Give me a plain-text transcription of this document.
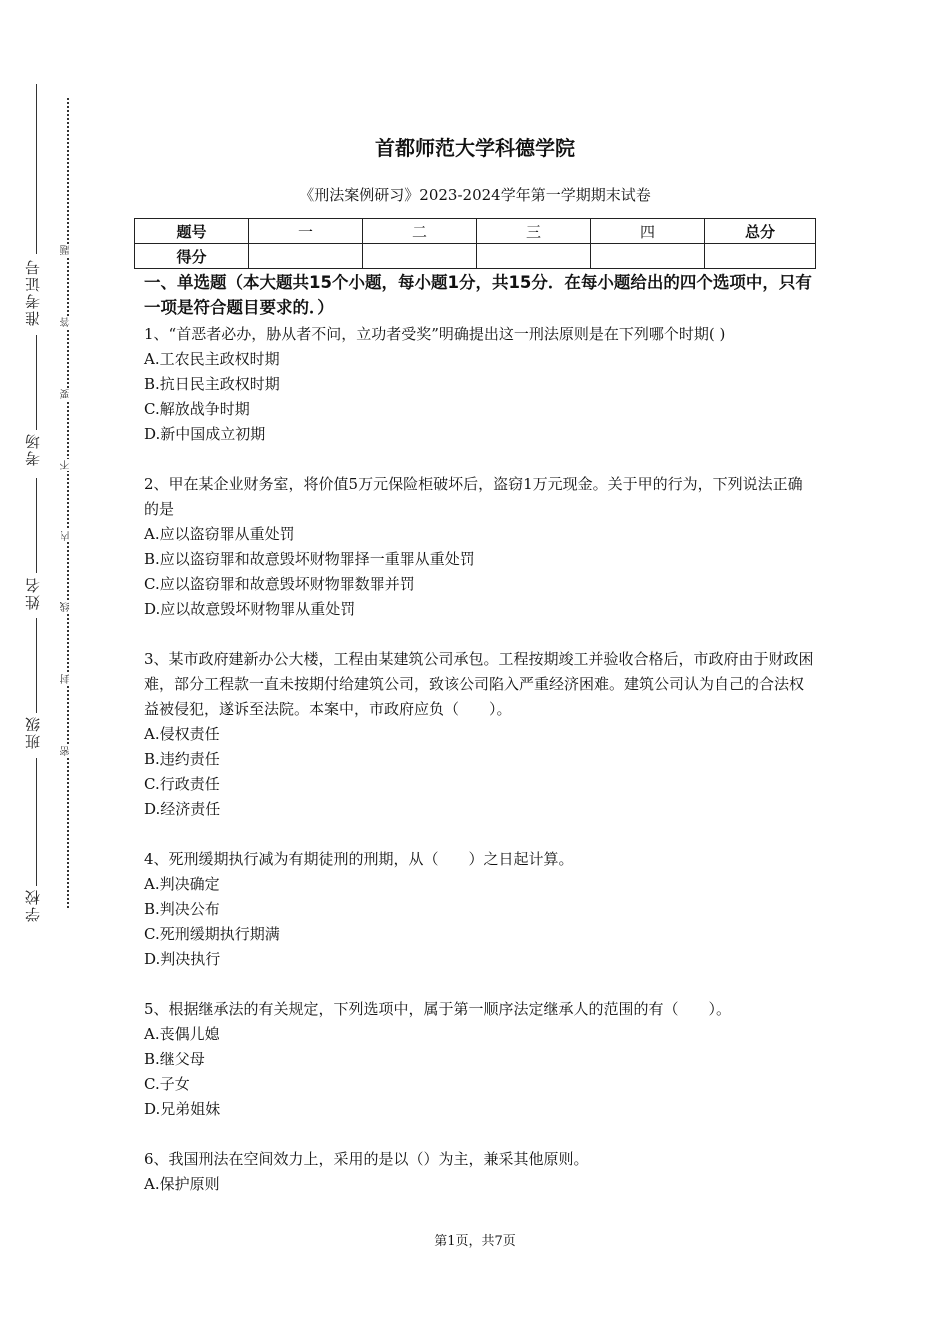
准考证号
考场
姓名
班级
学校
题
答
要
不
内
线
封
密
首都师范大学科德学院
《刑法案例研习》2023-2024学年第一学期期末试卷
题号	一	二	三	四	总分
得分					
一、单选题（本大题共15个小题，每小题1分，共15分．在每小题给出的四个选项中，只有一项是符合题目要求的．）

1、“首恶者必办，胁从者不问，立功者受奖”明确提出这一刑法原则是在下列哪个时期( )

A.工农民主政权时期

B.抗日民主政权时期

C.解放战争时期

D.新中国成立初期

2、甲在某企业财务室，将价值5万元保险柜破坏后，盗窃1万元现金。关于甲的行为，下列说法正确的是

A.应以盗窃罪从重处罚

B.应以盗窃罪和故意毁坏财物罪择一重罪从重处罚

C.应以盗窃罪和故意毁坏财物罪数罪并罚

D.应以故意毁坏财物罪从重处罚

3、某市政府建新办公大楼，工程由某建筑公司承包。工程按期竣工并验收合格后，市政府由于财政困难，部分工程款一直未按期付给建筑公司，致该公司陷入严重经济困难。建筑公司认为自己的合法权益被侵犯，遂诉至法院。本案中，市政府应负（　　）。

A.侵权责任

B.违约责任

C.行政责任

D.经济责任

4、死刑缓期执行减为有期徒刑的刑期，从（　　）之日起计算。

A.判决确定

B.判决公布

C.死刑缓期执行期满

D.判决执行

5、根据继承法的有关规定，下列选项中，属于第一顺序法定继承人的范围的有（　　）。

A.丧偶儿媳

B.继父母

C.子女

D.兄弟姐妹

6、我国刑法在空间效力上，采用的是以（）为主，兼采其他原则。

A.保护原则

第1页，共7页
